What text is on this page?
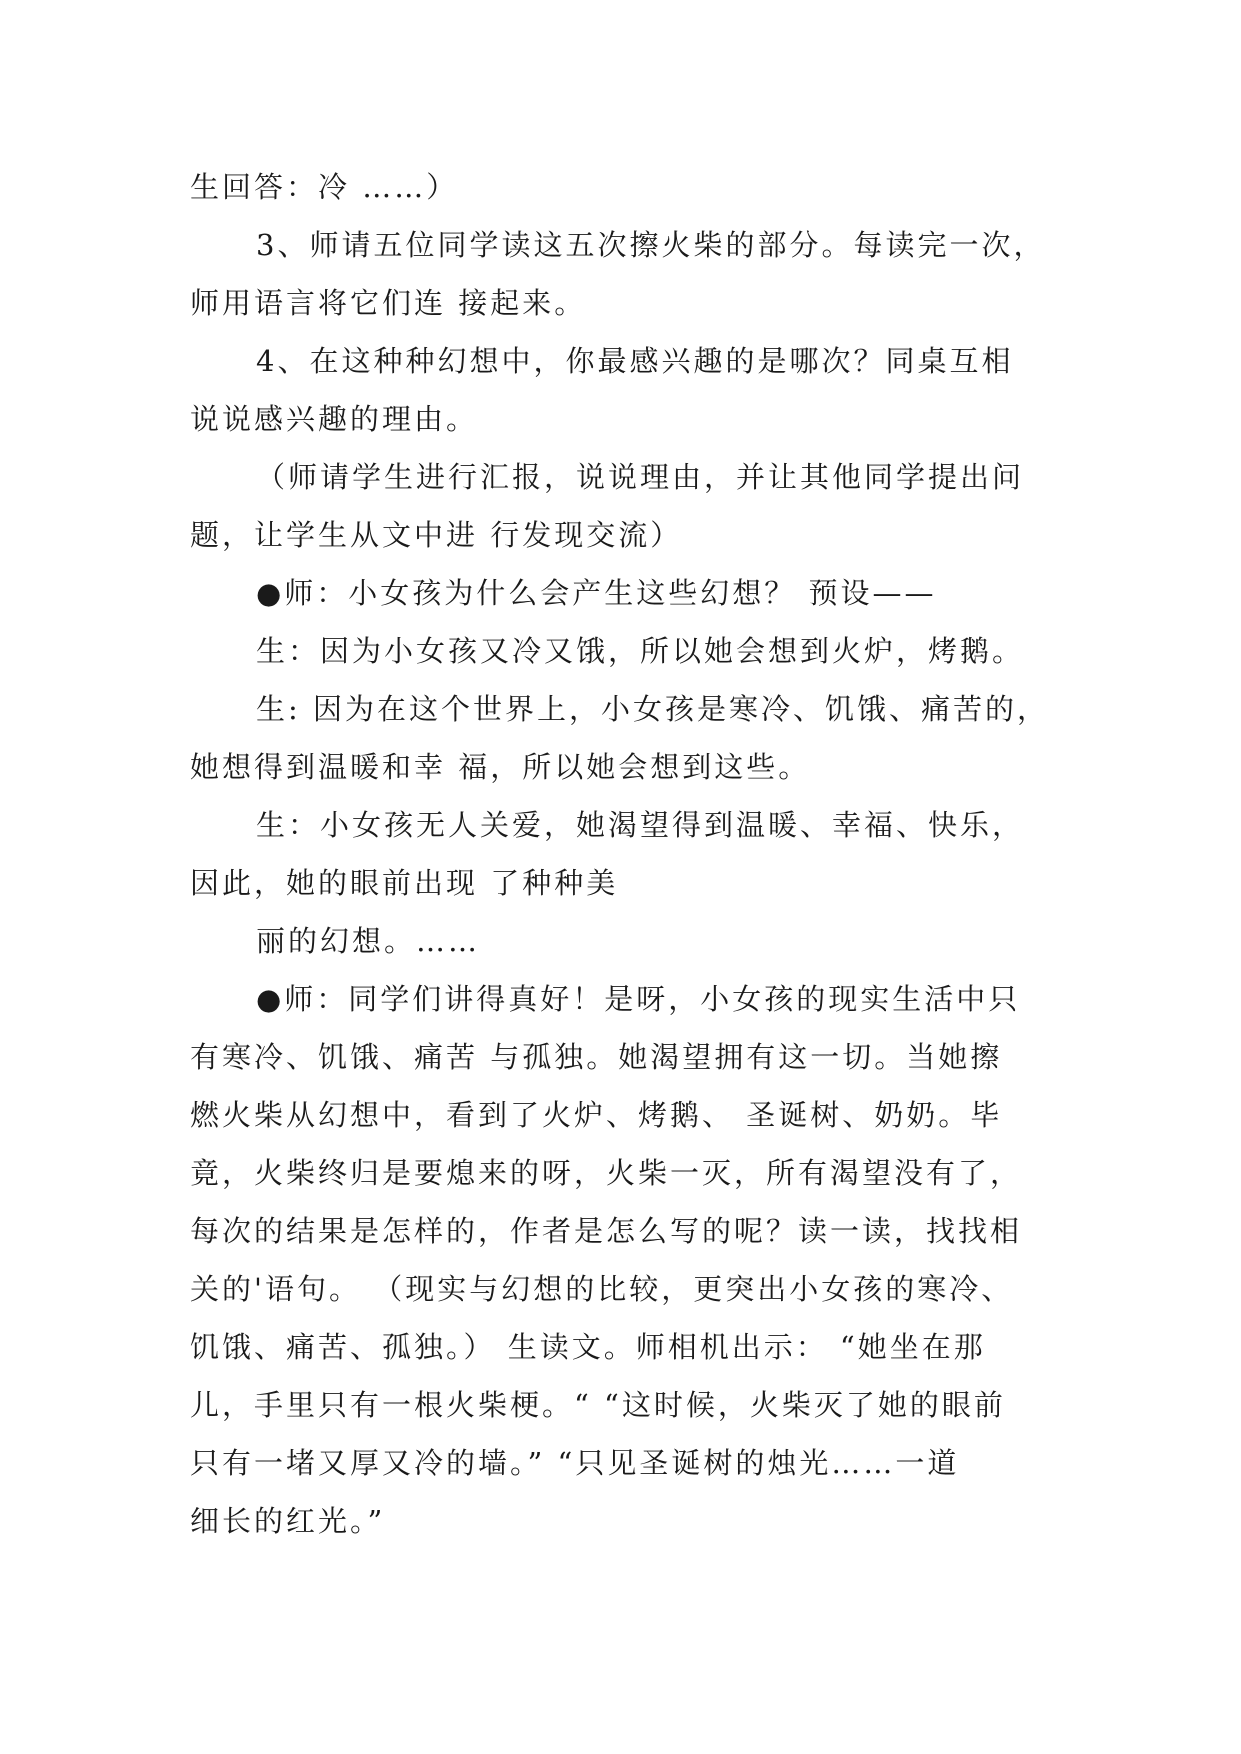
生回答：冷 ……）
3、师请五位同学读这五次擦火柴的部分。每读完一次，
师用语言将它们连 接起来。
4、在这种种幻想中，你最感兴趣的是哪次？同桌互相
说说感兴趣的理由。
（师请学生进行汇报，说说理由，并让其他同学提出问
题，让学生从文中进 行发现交流）
●师：小女孩为什么会产生这些幻想？ 预设——
生：因为小女孩又冷又饿，所以她会想到火炉，烤鹅。
生: 因为在这个世界上，小女孩是寒冷、饥饿、痛苦的，
她想得到温暖和幸 福，所以她会想到这些。
生：小女孩无人关爱，她渴望得到温暖、幸福、快乐，
因此，她的眼前出现 了种种美
丽的幻想。……
●师：同学们讲得真好！是呀，小女孩的现实生活中只
有寒冷、饥饿、痛苦 与孤独。她渴望拥有这一切。当她擦
燃火柴从幻想中，看到了火炉、烤鹅、 圣诞树、奶奶。毕
竟，火柴终归是要熄来的呀，火柴一灭，所有渴望没有了，
每次的结果是怎样的，作者是怎么写的呢？读一读，找找相
关的'语句。 （现实与幻想的比较，更突出小女孩的寒冷、
饥饿、痛苦、孤独。） 生读文。师相机出示： “她坐在那
儿，手里只有一根火柴梗。“ “这时候，火柴灭了她的眼前
只有一堵又厚又冷的墙。” “只见圣诞树的烛光……一道
细长的红光。”
